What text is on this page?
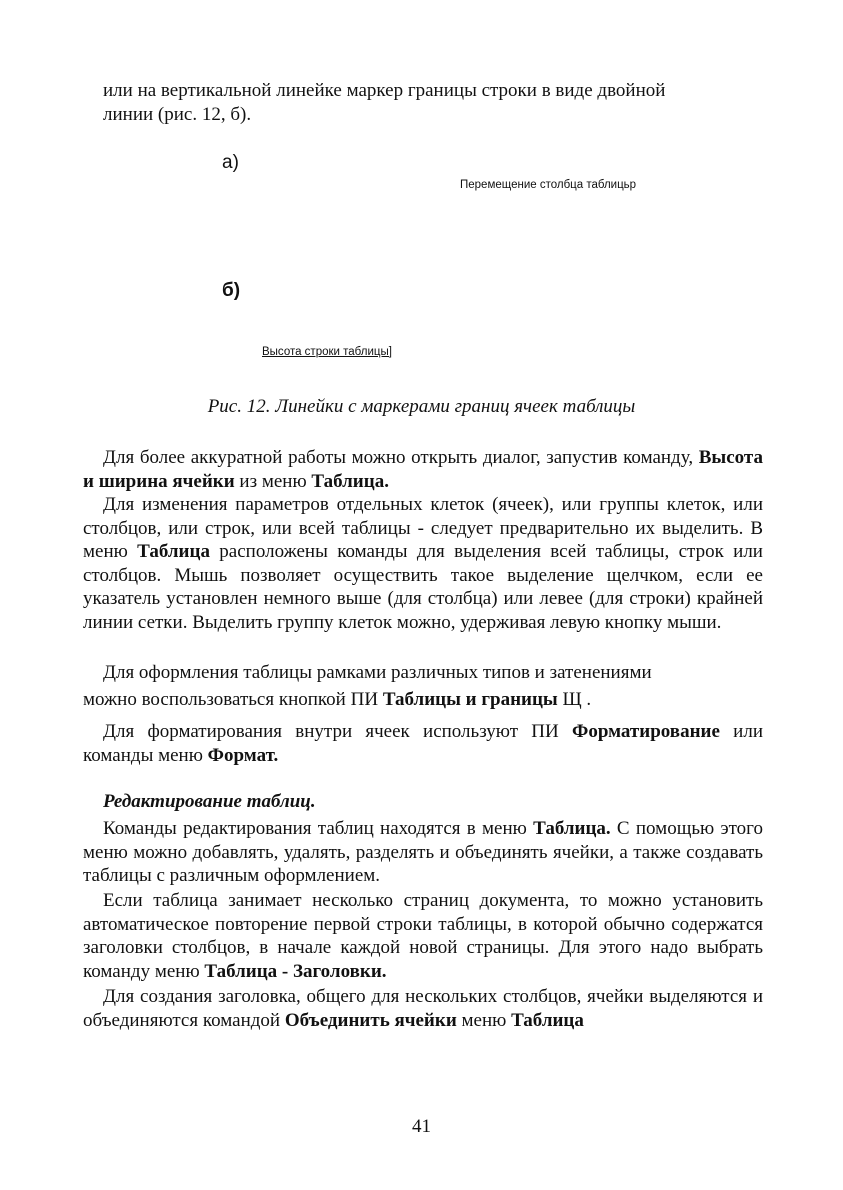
или на вертикальной линейке маркер границы строки в виде двойной
линии (рис. 12, б).
а)
Перемещение столбца таблицьр
б)
Высота строки таблицы]
Рис. 12. Линейки с маркерами границ ячеек таблицы

Для более аккуратной работы можно открыть диалог, запустив команду, Высота и ширина ячейки из меню Таблица.

Для изменения параметров отдельных клеток (ячеек), или группы клеток, или столбцов, или строк, или всей таблицы - следует предварительно их выделить. В меню Таблица расположены команды для выделения всей таблицы, строк или столбцов. Мышь позволяет осуществить такое выделение щелчком, если ее указатель установлен немного выше (для столбца) или левее (для строки) крайней линии сетки. Выделить группу клеток можно, удерживая левую кнопку мыши.

Для оформления таблицы рамками различных типов и затенениями
можно воспользоваться кнопкой ПИ Таблицы и границы Щ .

Для форматирования внутри ячеек используют ПИ Форматирование или команды меню Формат.

Редактирование таблиц.

Команды редактирования таблиц находятся в меню Таблица. С помощью этого меню можно добавлять, удалять, разделять и объединять ячейки, а также создавать таблицы с различным оформлением.

Если таблица занимает несколько страниц документа, то можно установить автоматическое повторение первой строки таблицы, в которой обычно содержатся заголовки столбцов, в начале каждой новой страницы. Для этого надо выбрать команду меню Таблица - Заголовки.

Для создания заголовка, общего для нескольких столбцов, ячейки выделяются и объединяются командой Объединить ячейки меню Таблица

41
